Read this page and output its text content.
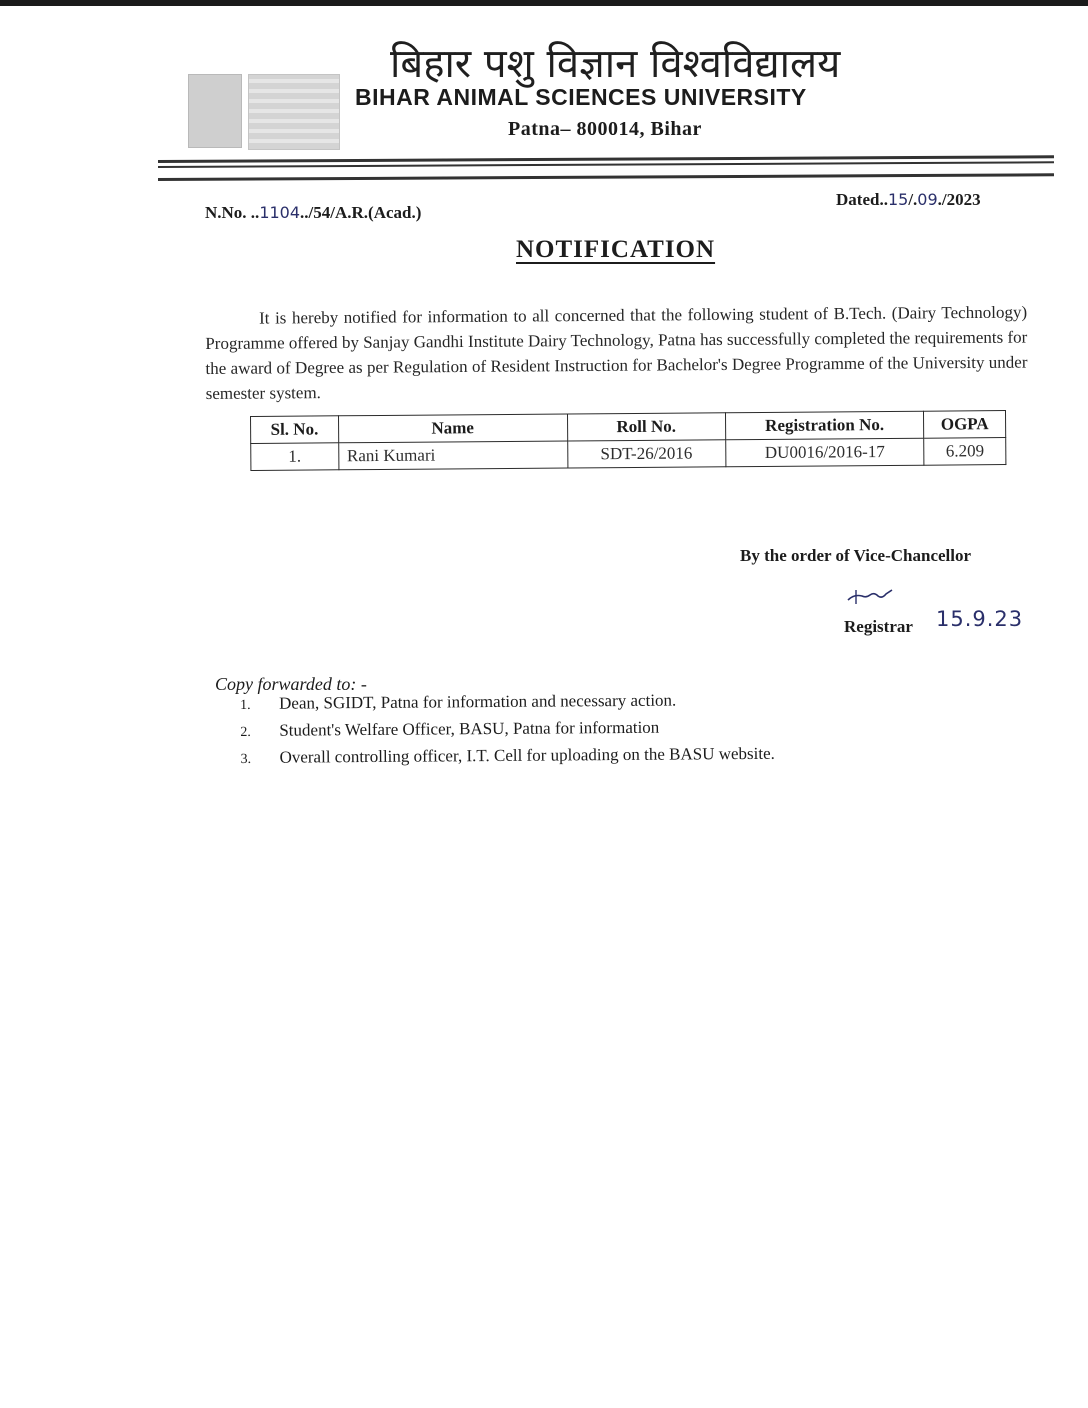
बिहार पशु विज्ञान विश्वविद्यालय
BIHAR ANIMAL SCIENCES UNIVERSITY
Patna– 800014, Bihar
N.No. ..1104../54/A.R.(Acad.)
Dated..15/.09./2023
NOTIFICATION

It is hereby notified for information to all concerned that the following student of B.Tech. (Dairy Technology) Programme offered by Sanjay Gandhi Institute Dairy Technology, Patna has successfully completed the requirements for the award of Degree as per Regulation of Resident Instruction for Bachelor's Degree Programme of the University under semester system.

Sl. No.	Name	Roll No.	Registration No.	OGPA
1.	Rani Kumari	SDT-26/2016	DU0016/2016-17	6.209
By the order of Vice-Chancellor
Registrar 15.9.23
Copy forwarded to: -
1. Dean, SGIDT, Patna for information and necessary action.
2. Student's Welfare Officer, BASU, Patna for information
3. Overall controlling officer, I.T. Cell for uploading on the BASU website.
